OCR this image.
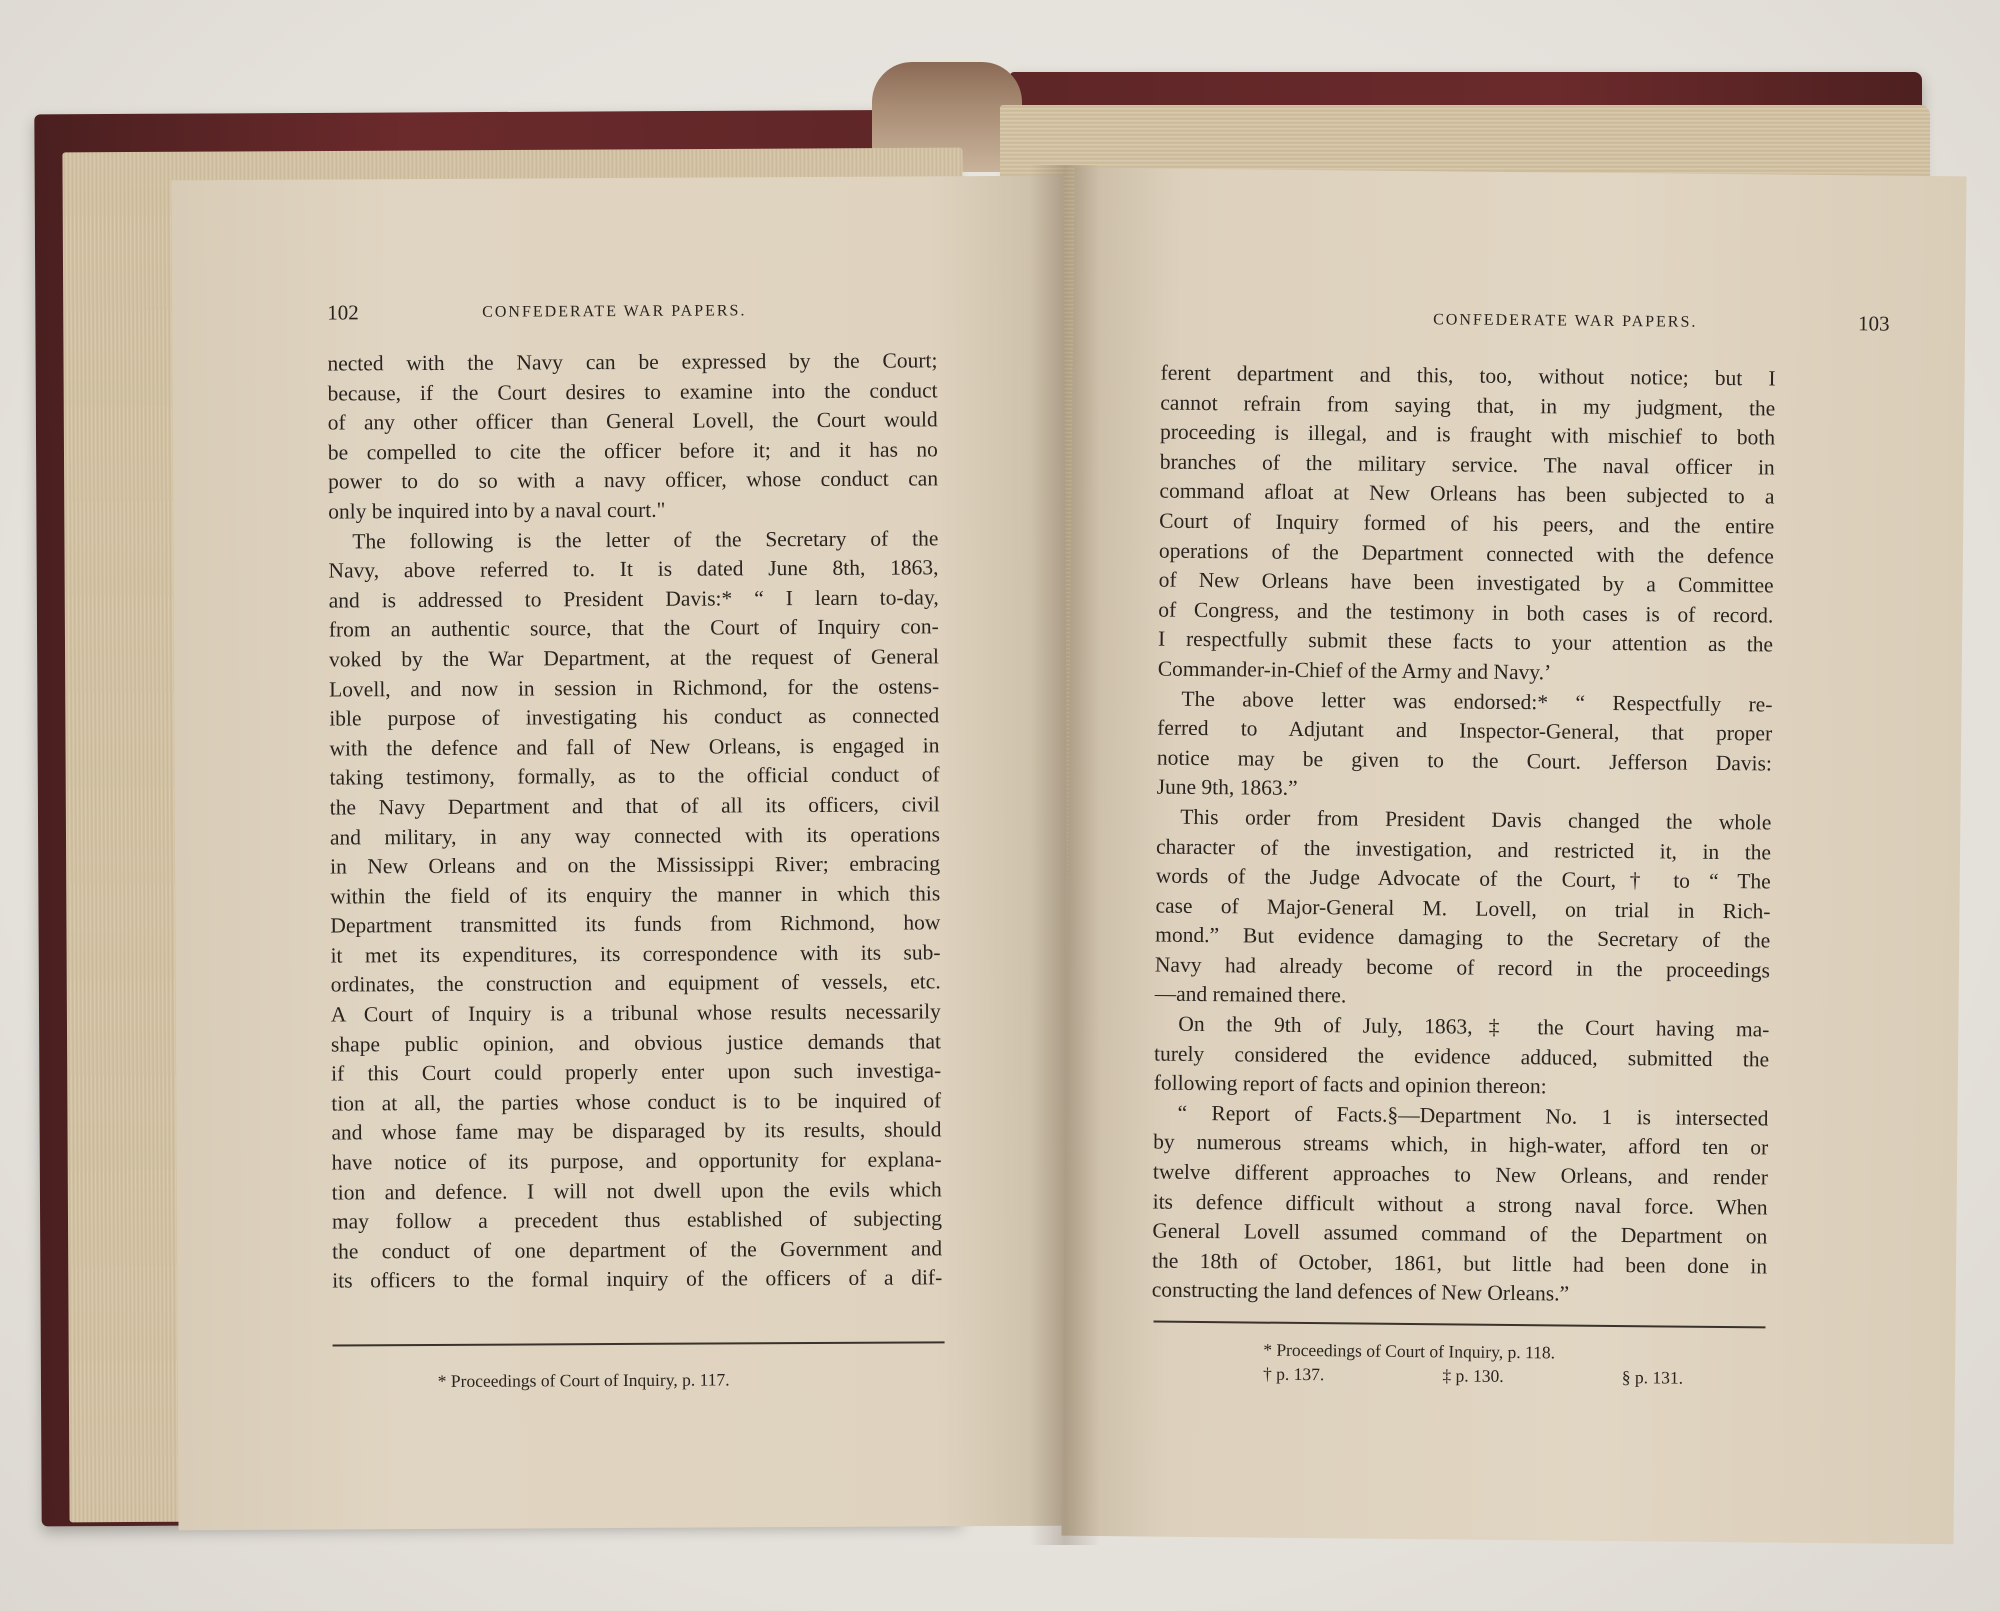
102	CONFEDERATE WAR PAPERS.
nected with the Navy can be expressed by the Court;
because, if the Court desires to examine into the conduct
of any other officer than General Lovell, the Court would
be compelled to cite the officer before it; and it has no
power to do so with a navy officer, whose conduct can
only be inquired into by a naval court."
The following is the letter of the Secretary of the
Navy, above referred to. It is dated June 8th, 1863,
and is addressed to President Davis:* “ I learn to-day,
from an authentic source, that the Court of Inquiry con-
voked by the War Department, at the request of General
Lovell, and now in session in Richmond, for the ostens-
ible purpose of investigating his conduct as connected
with the defence and fall of New Orleans, is engaged in
taking testimony, formally, as to the official conduct of
the Navy Department and that of all its officers, civil
and military, in any way connected with its operations
in New Orleans and on the Mississippi River; embracing
within the field of its enquiry the manner in which this
Department transmitted its funds from Richmond, how
it met its expenditures, its correspondence with its sub-
ordinates, the construction and equipment of vessels, etc.
A Court of Inquiry is a tribunal whose results necessarily
shape public opinion, and obvious justice demands that
if this Court could properly enter upon such investiga-
tion at all, the parties whose conduct is to be inquired of
and whose fame may be disparaged by its results, should
have notice of its purpose, and opportunity for explana-
tion and defence. I will not dwell upon the evils which
may follow a precedent thus established of subjecting
the conduct of one department of the Government and
its officers to the formal inquiry of the officers of a dif-
* Proceedings of Court of Inquiry, p. 117.
CONFEDERATE WAR PAPERS.	103
ferent department and this, too, without notice; but I
cannot refrain from saying that, in my judgment, the
proceeding is illegal, and is fraught with mischief to both
branches of the military service. The naval officer in
command afloat at New Orleans has been subjected to a
Court of Inquiry formed of his peers, and the entire
operations of the Department connected with the defence
of New Orleans have been investigated by a Committee
of Congress, and the testimony in both cases is of record.
I respectfully submit these facts to your attention as the
Commander-in-Chief of the Army and Navy.’
The above letter was endorsed:* “ Respectfully re-
ferred to Adjutant and Inspector-General, that proper
notice may be given to the Court. Jefferson Davis:
June 9th, 1863.”
This order from President Davis changed the whole
character of the investigation, and restricted it, in the
words of the Judge Advocate of the Court,† to “ The
case of Major-General M. Lovell, on trial in Rich-
mond.” But evidence damaging to the Secretary of the
Navy had already become of record in the proceedings
—and remained there.
On the 9th of July, 1863,‡ the Court having ma-
turely considered the evidence adduced, submitted the
following report of facts and opinion thereon:
“ Report of Facts.§—Department No. 1 is intersected
by numerous streams which, in high-water, afford ten or
twelve different approaches to New Orleans, and render
its defence difficult without a strong naval force. When
General Lovell assumed command of the Department on
the 18th of October, 1861, but little had been done in
constructing the land defences of New Orleans.”
* Proceedings of Court of Inquiry, p. 118.
† p. 137.	‡ p. 130.	§ p. 131.
